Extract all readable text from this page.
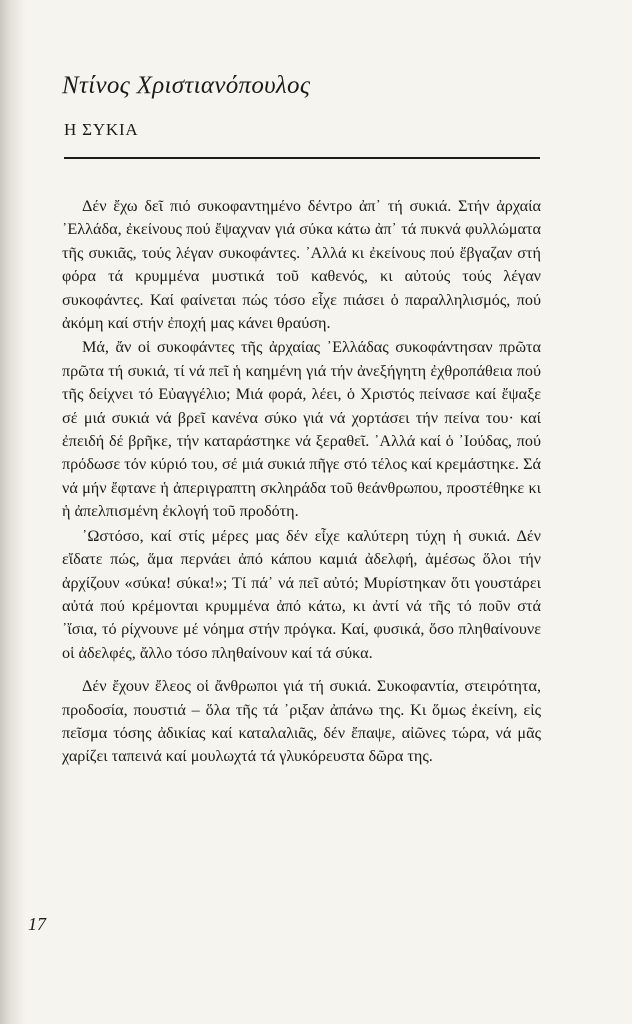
Ντίνος Χριστιανόπουλος
Η ΣΥΚΙΑ

Δέν ἔχω δεῖ πιό συκοφαντημένο δέντρο ἀπ᾽ τή συκιά. Στήν ἀρχαία ᾽Ελλάδα, ἐκείνους πού ἔψαχναν γιά σύκα κάτω ἀπ᾽ τά πυκνά φυλλώματα τῆς συκιᾶς, τούς λέγαν συκοφάντες. ᾽Αλλά κι ἐκείνους πού ἔβγαζαν στή φόρα τά κρυμμένα μυστικά τοῦ καθενός, κι αὐτούς τούς λέγαν συκοφάντες. Καί φαίνεται πώς τόσο εἶχε πιάσει ὁ παραλληλισμός, πού ἀκόμη καί στήν ἐποχή μας κάνει θραύση.

Μά, ἄν οἱ συκοφάντες τῆς ἀρχαίας ᾽Ελλάδας συκοφάντησαν πρῶτα πρῶτα τή συκιά, τί νά πεῖ ἡ καημένη γιά τήν ἀνεξήγητη ἐχθροπάθεια πού τῆς δείχνει τό Εὐαγγέλιο; Μιά φορά, λέει, ὁ Χριστός πείνασε καί ἔψαξε σέ μιά συκιά νά βρεῖ κανένα σύκο γιά νά χορτάσει τήν πείνα του· καί ἐπειδή δέ βρῆκε, τήν καταράστηκε νά ξεραθεῖ. ᾽Αλλά καί ὁ ᾽Ιούδας, πού πρόδωσε τόν κύριό του, σέ μιά συκιά πῆγε στό τέλος καί κρεμάστηκε. Σά νά μήν ἔφτανε ἡ ἀπεριγραπτη σκληράδα τοῦ θεάνθρωπου, προστέθηκε κι ἡ ἀπελπισμένη ἐκλογή τοῦ προδότη.

᾽Ωστόσο, καί στίς μέρες μας δέν εἶχε καλύτερη τύχη ἡ συκιά. Δέν εἴδατε πώς, ἅμα περνάει ἀπό κάπου καμιά ἀδελφή, ἀμέσως ὅλοι τήν ἀρχίζουν «σύκα! σύκα!»; Τί πά᾽ νά πεῖ αὐτό; Μυρίστηκαν ὅτι γουστάρει αὐτά πού κρέμονται κρυμμένα ἀπό κάτω, κι ἀντί νά τῆς τό ποῦν στά ᾽ἴσια, τό ρίχνουνε μέ νόημα στήν πρόγκα. Καί, φυσικά, ὅσο πληθαίνουνε οἱ ἀδελφές, ἄλλο τόσο πληθαίνουν καί τά σύκα.

Δέν ἔχουν ἔλεος οἱ ἄνθρωποι γιά τή συκιά. Συκοφαντία, στειρότητα, προδοσία, πουστιά – ὅλα τῆς τά ᾽ριξαν ἀπάνω της. Κι ὅμως ἐκείνη, εἰς πεῖσμα τόσης ἀδικίας καί καταλαλιᾶς, δέν ἔπαψε, αἰῶνες τώρα, νά μᾶς χαρίζει ταπεινά καί μουλωχτά τά γλυκόρευστα δῶρα της.

17
